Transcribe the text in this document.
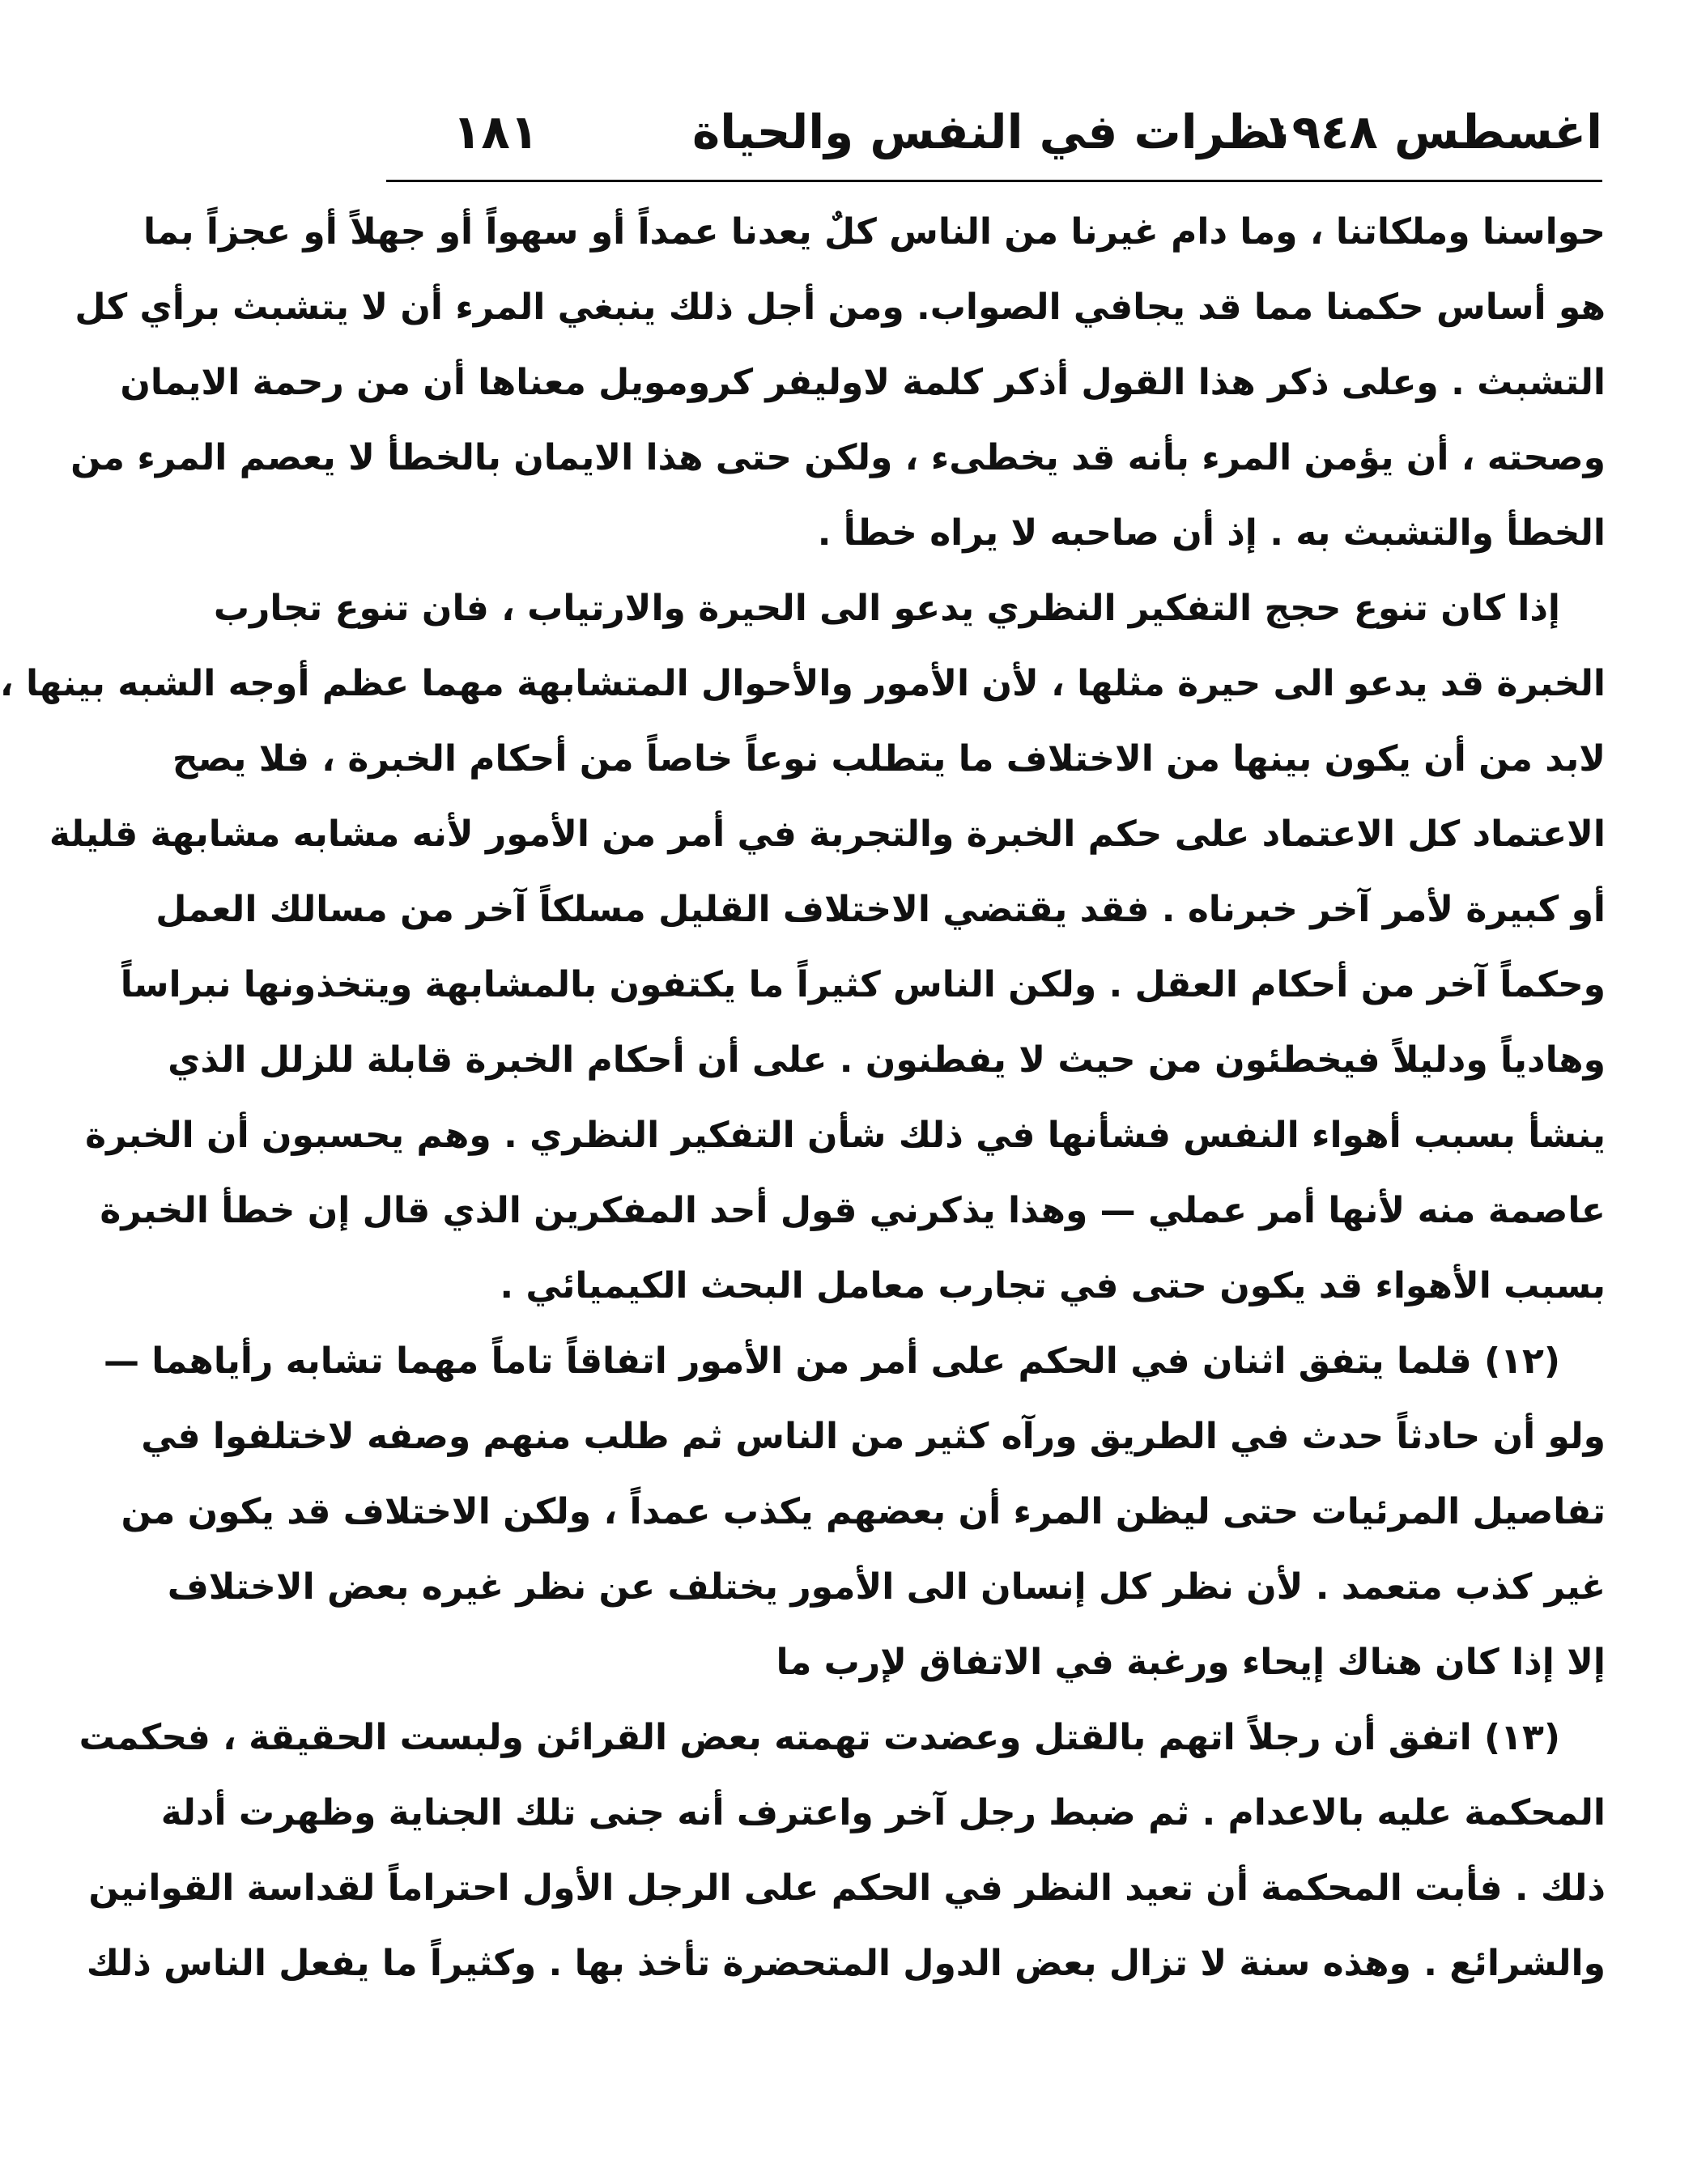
اغسطس ١٩٤٨
نظرات في النفس والحياة
١٨١
حواسنا وملكاتنا ، وما دام غيرنا من الناس كلٌ يعدنا عمداً أو سهواً أو جهلاً أو عجزاً بما
هو أساس حكمنا مما قد يجافي الصواب. ومن أجل ذلك ينبغي المرء أن لا يتشبث برأي كل
التشبث . وعلى ذكر هذا القول أذكر كلمة لاوليفر كرومويل معناها أن من رحمة الايمان
وصحته ، أن يؤمن المرء بأنه قد يخطىء ، ولكن حتى هذا الايمان بالخطأ لا يعصم المرء من
الخطأ والتشبث به . إذ أن صاحبه لا يراه خطأ .
إذا كان تنوع حجج التفكير النظري يدعو الى الحيرة والارتياب ، فان تنوع تجارب
الخبرة قد يدعو الى حيرة مثلها ، لأن الأمور والأحوال المتشابهة مهما عظم أوجه الشبه بينها ،
لابد من أن يكون بينها من الاختلاف ما يتطلب نوعاً خاصاً من أحكام الخبرة ، فلا يصح
الاعتماد كل الاعتماد على حكم الخبرة والتجربة في أمر من الأمور لأنه مشابه مشابهة قليلة
أو كبيرة لأمر آخر خبرناه . فقد يقتضي الاختلاف القليل مسلكاً آخر من مسالك العمل
وحكماً آخر من أحكام العقل . ولكن الناس كثيراً ما يكتفون بالمشابهة ويتخذونها نبراساً
وهادياً ودليلاً فيخطئون من حيث لا يفطنون . على أن أحكام الخبرة قابلة للزلل الذي
ينشأ بسبب أهواء النفس فشأنها في ذلك شأن التفكير النظري . وهم يحسبون أن الخبرة
عاصمة منه لأنها أمر عملي — وهذا يذكرني قول أحد المفكرين الذي قال إن خطأ الخبرة
بسبب الأهواء قد يكون حتى في تجارب معامل البحث الكيميائي .
(١٢) قلما يتفق اثنان في الحكم على أمر من الأمور اتفاقاً تاماً مهما تشابه رأياهما —
ولو أن حادثاً حدث في الطريق ورآه كثير من الناس ثم طلب منهم وصفه لاختلفوا في
تفاصيل المرئيات حتى ليظن المرء أن بعضهم يكذب عمداً ، ولكن الاختلاف قد يكون من
غير كذب متعمد . لأن نظر كل إنسان الى الأمور يختلف عن نظر غيره بعض الاختلاف
إلا إذا كان هناك إيحاء ورغبة في الاتفاق لإرب ما
(١٣) اتفق أن رجلاً اتهم بالقتل وعضدت تهمته بعض القرائن ولبست الحقيقة ، فحكمت
المحكمة عليه بالاعدام . ثم ضبط رجل آخر واعترف أنه جنى تلك الجناية وظهرت أدلة
ذلك . فأبت المحكمة أن تعيد النظر في الحكم على الرجل الأول احتراماً لقداسة القوانين
والشرائع . وهذه سنة لا تزال بعض الدول المتحضرة تأخذ بها . وكثيراً ما يفعل الناس ذلك
